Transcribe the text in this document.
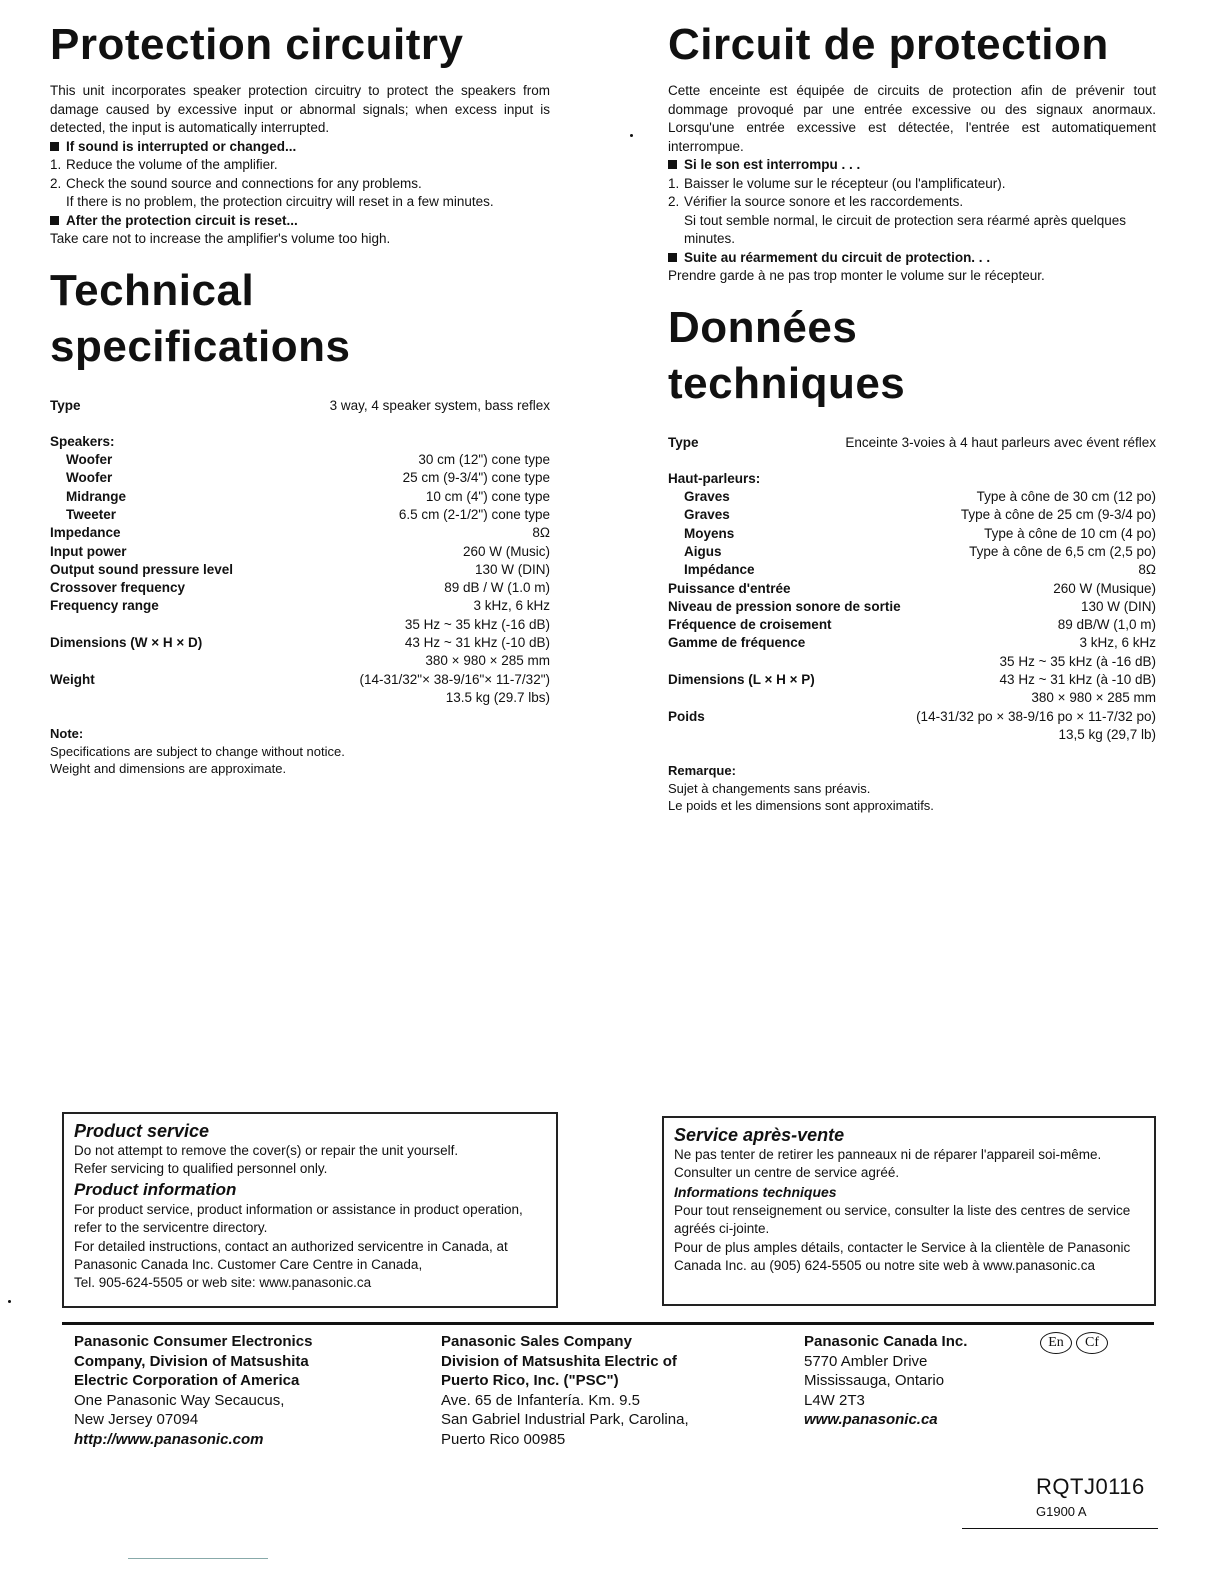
Protection circuitry

This unit incorporates speaker protection circuitry to protect the speakers from damage caused by excessive input or abnormal signals; when excess input is detected, the input is automatically interrupted.

If sound is interrupted or changed...
1. Reduce the volume of the amplifier.
2. Check the sound source and connections for any problems.
If there is no problem, the protection circuitry will reset in a few minutes.
After the protection circuit is reset...
Take care not to increase the amplifier's volume too high.
Technical
specifications
Type	3 way, 4 speaker system, bass reflex
Speakers:
Woofer	30 cm (12") cone type
Woofer	25 cm (9-3/4") cone type
Midrange	10 cm (4") cone type
Tweeter	6.5 cm (2-1/2") cone type
Impedance	8Ω
Input power	260 W (Music)
Output sound pressure level	130 W (DIN)
Crossover frequency	89 dB / W (1.0 m)
Frequency range	3 kHz, 6 kHz
35 Hz ~ 35 kHz (-16 dB)
Dimensions (W × H × D)	43 Hz ~ 31 kHz (-10 dB)
380 × 980 × 285 mm
Weight	(14-31/32"× 38-9/16"× 11-7/32")
13.5 kg (29.7 lbs)
Note:
Specifications are subject to change without notice.
Weight and dimensions are approximate.
Circuit de protection

Cette enceinte est équipée de circuits de protection afin de prévenir tout dommage provoqué par une entrée excessive ou des signaux anormaux. Lorsqu'une entrée excessive est détectée, l'entrée est automatiquement interrompue.

Si le son est interrompu . . .
1. Baisser le volume sur le récepteur (ou l'amplificateur).
2. Vérifier la source sonore et les raccordements.
Si tout semble normal, le circuit de protection sera réarmé après quelques minutes.
Suite au réarmement du circuit de protection. . .
Prendre garde à ne pas trop monter le volume sur le récepteur.
Données
techniques
Type	Enceinte 3-voies à 4 haut parleurs avec évent réflex
Haut-parleurs:
Graves	Type à cône de 30 cm (12 po)
Graves	Type à cône de 25 cm (9-3/4 po)
Moyens	Type à cône de 10 cm (4 po)
Aigus	Type à cône de 6,5 cm (2,5 po)
Impédance	8Ω
Puissance d'entrée	260 W (Musique)
Niveau de pression sonore de sortie	130 W (DIN)
Fréquence de croisement	89 dB/W (1,0 m)
Gamme de fréquence	3 kHz, 6 kHz
35 Hz ~ 35 kHz (à -16 dB)
Dimensions (L × H × P)	43 Hz ~ 31 kHz (à -10 dB)
380 × 980 × 285 mm
Poids	(14-31/32 po × 38-9/16 po × 11-7/32 po)
13,5 kg (29,7 lb)
Remarque:
Sujet à changements sans préavis.
Le poids et les dimensions sont approximatifs.
Product service
Do not attempt to remove the cover(s) or repair the unit yourself.
Refer servicing to qualified personnel only.
Product information
For product service, product information or assistance in product operation, refer to the servicentre directory.
For detailed instructions, contact an authorized servicentre in Canada, at Panasonic Canada Inc. Customer Care Centre in Canada,
Tel. 905-624-5505 or web site: www.panasonic.ca
Service après-vente
Ne pas tenter de retirer les panneaux ni de réparer l'appareil soi-même. Consulter un centre de service agréé.
Informations techniques
Pour tout renseignement ou service, consulter la liste des centres de service agréés ci-jointe.
Pour de plus amples détails, contacter le Service à la clientèle de Panasonic Canada Inc. au (905) 624-5505 ou notre site web à www.panasonic.ca
Panasonic Consumer Electronics
Company, Division of Matsushita
Electric Corporation of America
One Panasonic Way Secaucus,
New Jersey 07094
http://www.panasonic.com
Panasonic Sales Company
Division of Matsushita Electric of
Puerto Rico, Inc. ("PSC")
Ave. 65 de Infantería. Km. 9.5
San Gabriel Industrial Park, Carolina,
Puerto Rico 00985
Panasonic Canada Inc.
5770 Ambler Drive
Mississauga, Ontario
L4W 2T3
www.panasonic.ca
En	Cf
RQTJ0116
G1900 A
